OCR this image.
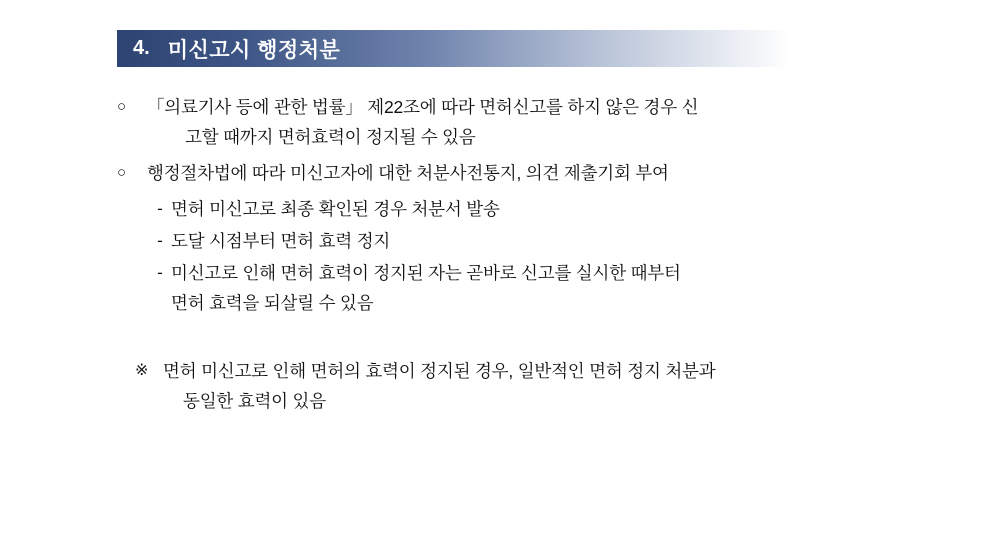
4. 미신고시 행정처분
○	「의료기사 등에 관한 법률」 제22조에 따라 면허신고를 하지 않은 경우 신
고할 때까지 면허효력이 정지될 수 있음
○	행정절차법에 따라 미신고자에 대한 처분사전통지, 의견 제출기회 부여
- 면허 미신고로 최종 확인된 경우 처분서 발송
- 도달 시점부터 면허 효력 정지
- 미신고로 인해 면허 효력이 정지된 자는 곧바로 신고를 실시한 때부터
면허 효력을 되살릴 수 있음
※ 면허 미신고로 인해 면허의 효력이 정지된 경우, 일반적인 면허 정지 처분과
동일한 효력이 있음
